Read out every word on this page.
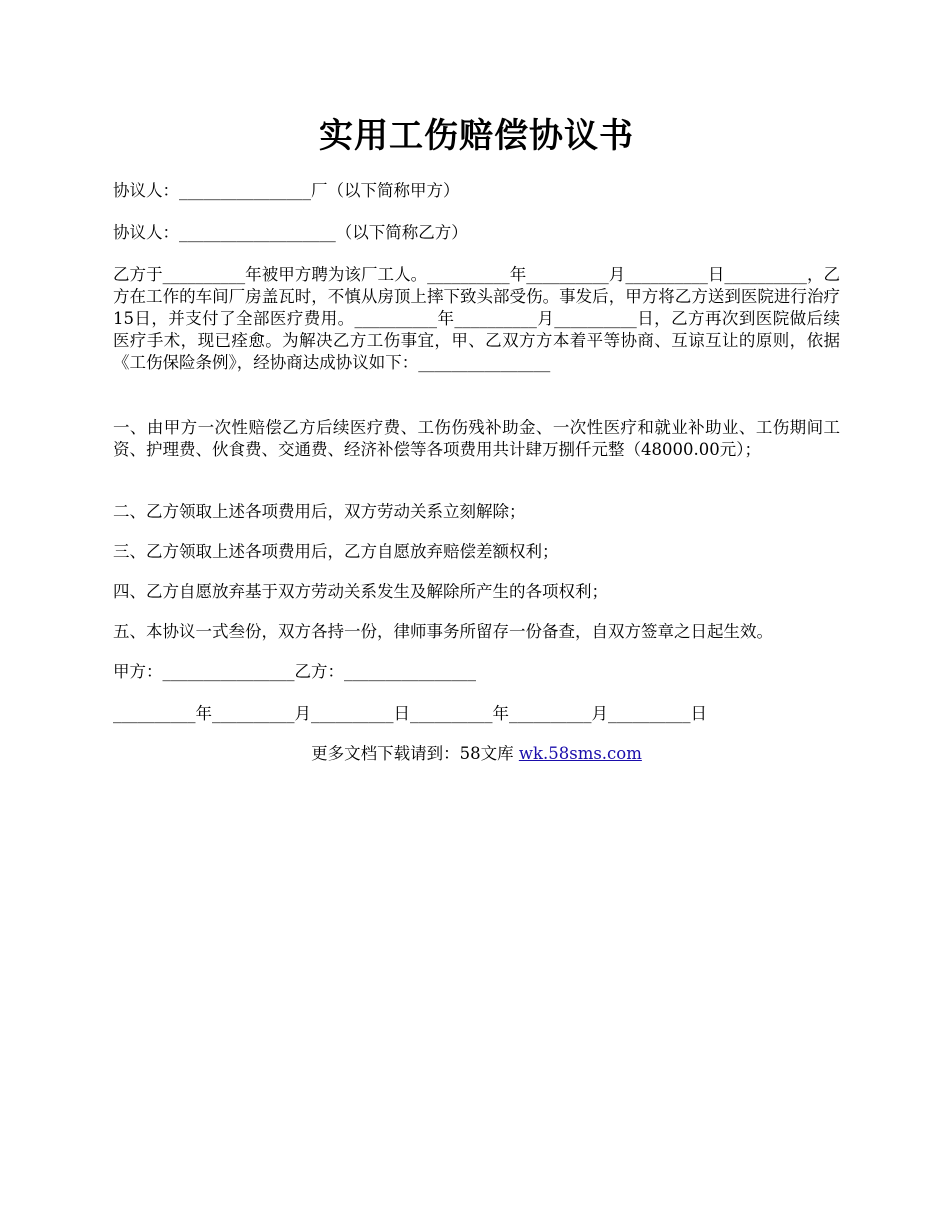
实用工伤赔偿协议书
协议人：________________厂（以下简称甲方）
协议人：___________________（以下简称乙方）
乙方于__________年被甲方聘为该厂工人。__________年__________月__________日__________，乙方在工作的车间厂房盖瓦时，不慎从房顶上摔下致头部受伤。事发后，甲方将乙方送到医院进行治疗15日，并支付了全部医疗费用。__________年__________月__________日，乙方再次到医院做后续医疗手术，现已痊愈。为解决乙方工伤事宜，甲、乙双方方本着平等协商、互谅互让的原则，依据《工伤保险条例》，经协商达成协议如下：________________
一、由甲方一次性赔偿乙方后续医疗费、工伤伤残补助金、一次性医疗和就业补助业、工伤期间工资、护理费、伙食费、交通费、经济补偿等各项费用共计肆万捌仟元整（48000.00元）；
二、乙方领取上述各项费用后，双方劳动关系立刻解除；
三、乙方领取上述各项费用后，乙方自愿放弃赔偿差额权利；
四、乙方自愿放弃基于双方劳动关系发生及解除所产生的各项权利；
五、本协议一式叁份，双方各持一份，律师事务所留存一份备查，自双方签章之日起生效。
甲方：________________乙方：________________
__________年__________月__________日__________年__________月__________日
更多文档下载请到：58文库 wk.58sms.com
